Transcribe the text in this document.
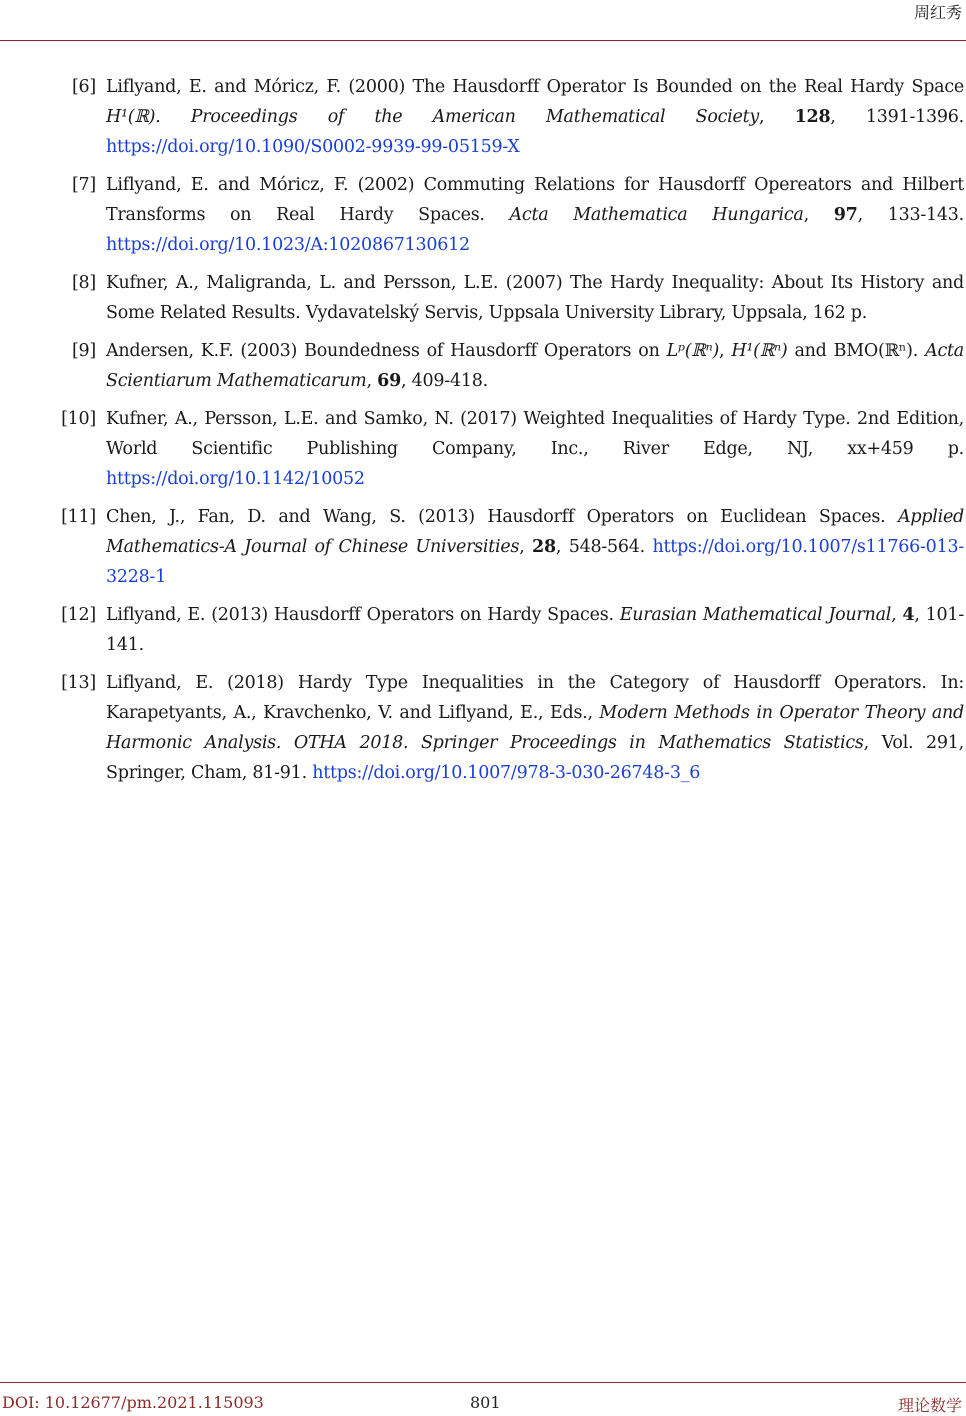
周红秀
[6] Liflyand, E. and Móricz, F. (2000) The Hausdorff Operator Is Bounded on the Real Hardy Space H¹(ℝ). Proceedings of the American Mathematical Society, 128, 1391-1396. https://doi.org/10.1090/S0002-9939-99-05159-X
[7] Liflyand, E. and Móricz, F. (2002) Commuting Relations for Hausdorff Opereators and Hilbert Transforms on Real Hardy Spaces. Acta Mathematica Hungarica, 97, 133-143. https://doi.org/10.1023/A:1020867130612
[8] Kufner, A., Maligranda, L. and Persson, L.E. (2007) The Hardy Inequality: About Its History and Some Related Results. Vydavatelský Servis, Uppsala University Library, Uppsala, 162 p.
[9] Andersen, K.F. (2003) Boundedness of Hausdorff Operators on Lᵖ(ℝⁿ), H¹(ℝⁿ) and BMO(ℝⁿ). Acta Scientiarum Mathematicarum, 69, 409-418.
[10] Kufner, A., Persson, L.E. and Samko, N. (2017) Weighted Inequalities of Hardy Type. 2nd Edition, World Scientific Publishing Company, Inc., River Edge, NJ, xx+459 p. https://doi.org/10.1142/10052
[11] Chen, J., Fan, D. and Wang, S. (2013) Hausdorff Operators on Euclidean Spaces. Applied Mathematics-A Journal of Chinese Universities, 28, 548-564. https://doi.org/10.1007/s11766-013-3228-1
[12] Liflyand, E. (2013) Hausdorff Operators on Hardy Spaces. Eurasian Mathematical Journal, 4, 101-141.
[13] Liflyand, E. (2018) Hardy Type Inequalities in the Category of Hausdorff Operators. In: Karapetyants, A., Kravchenko, V. and Liflyand, E., Eds., Modern Methods in Operator Theory and Harmonic Analysis. OTHA 2018. Springer Proceedings in Mathematics Statistics, Vol. 291, Springer, Cham, 81-91. https://doi.org/10.1007/978-3-030-26748-3_6
DOI: 10.12677/pm.2021.115093	801	理论数学
